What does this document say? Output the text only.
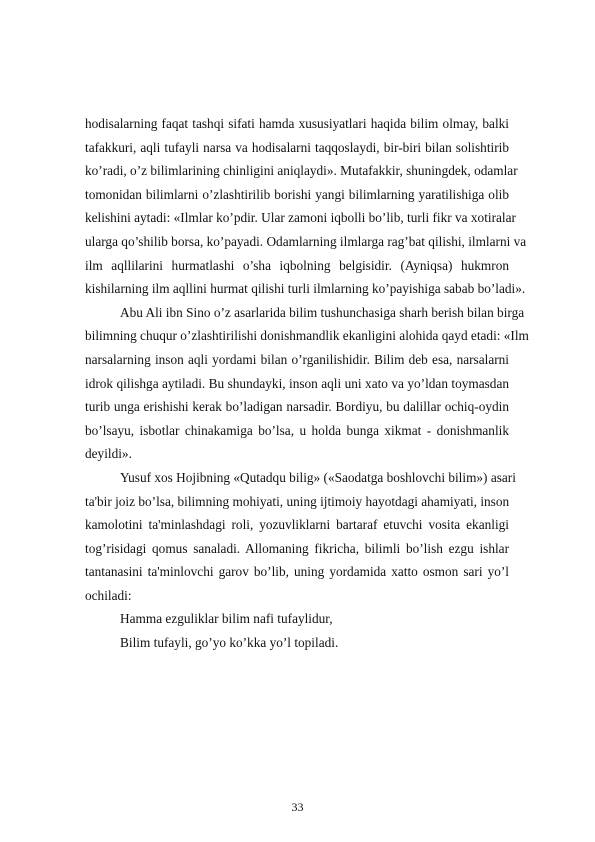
hodisalarning faqat tashqi sifati hamda xususiyatlari haqida bilim olmay, balki
tafakkuri, aqli tufayli narsa va hodisalarni taqqoslaydi, bir-biri bilan solishtirib
ko’radi, o’z bilimlarining chinligini aniqlaydi». Mutafakkir, shuningdek, odamlar
tomonidan bilimlarni o’zlashtirilib borishi yangi bilimlarning yaratilishiga olib
kelishini aytadi: «Ilmlar ko’pdir. Ular zamoni iqbolli bo’lib, turli fikr va xotiralar
ularga qo’shilib borsa, ko’payadi. Odamlarning ilmlarga rag’bat qilishi, ilmlarni va
ilm aqllilarini hurmatlashi o’sha iqbolning belgisidir. (Ayniqsa) hukmron
kishilarning ilm aqllini hurmat qilishi turli ilmlarning ko’payishiga sabab bo’ladi».
Abu Ali ibn Sino o’z asarlarida bilim tushunchasiga sharh berish bilan birga
bilimning chuqur o’zlashtirilishi donishmandlik ekanligini alohida qayd etadi: «Ilm
narsalarning inson aqli yordami bilan o’rganilishidir. Bilim deb esa, narsalarni
idrok qilishga aytiladi. Bu shundayki, inson aqli uni xato va yo’ldan toymasdan
turib unga erishishi kerak bo’ladigan narsadir. Bordiyu, bu dalillar ochiq-oydin
bo’lsayu, isbotlar chinakamiga bo’lsa, u holda bunga xikmat - donishmanlik
deyildi».
Yusuf xos Hojibning «Qutadqu bilig» («Saodatga boshlovchi bilim») asari
ta'bir joiz bo’lsa, bilimning mohiyati, uning ijtimoiy hayotdagi ahamiyati, inson
kamolotini ta'minlashdagi roli, yozuvliklarni bartaraf etuvchi vosita ekanligi
tog’risidagi qomus sanaladi. Allomaning fikricha, bilimli bo’lish ezgu ishlar
tantanasini ta'minlovchi garov bo’lib, uning yordamida xatto osmon sari yo’l
ochiladi:
Hamma ezguliklar bilim nafi tufaylidur,
Bilim tufayli, go’yo ko’kka yo’l topiladi.
33
